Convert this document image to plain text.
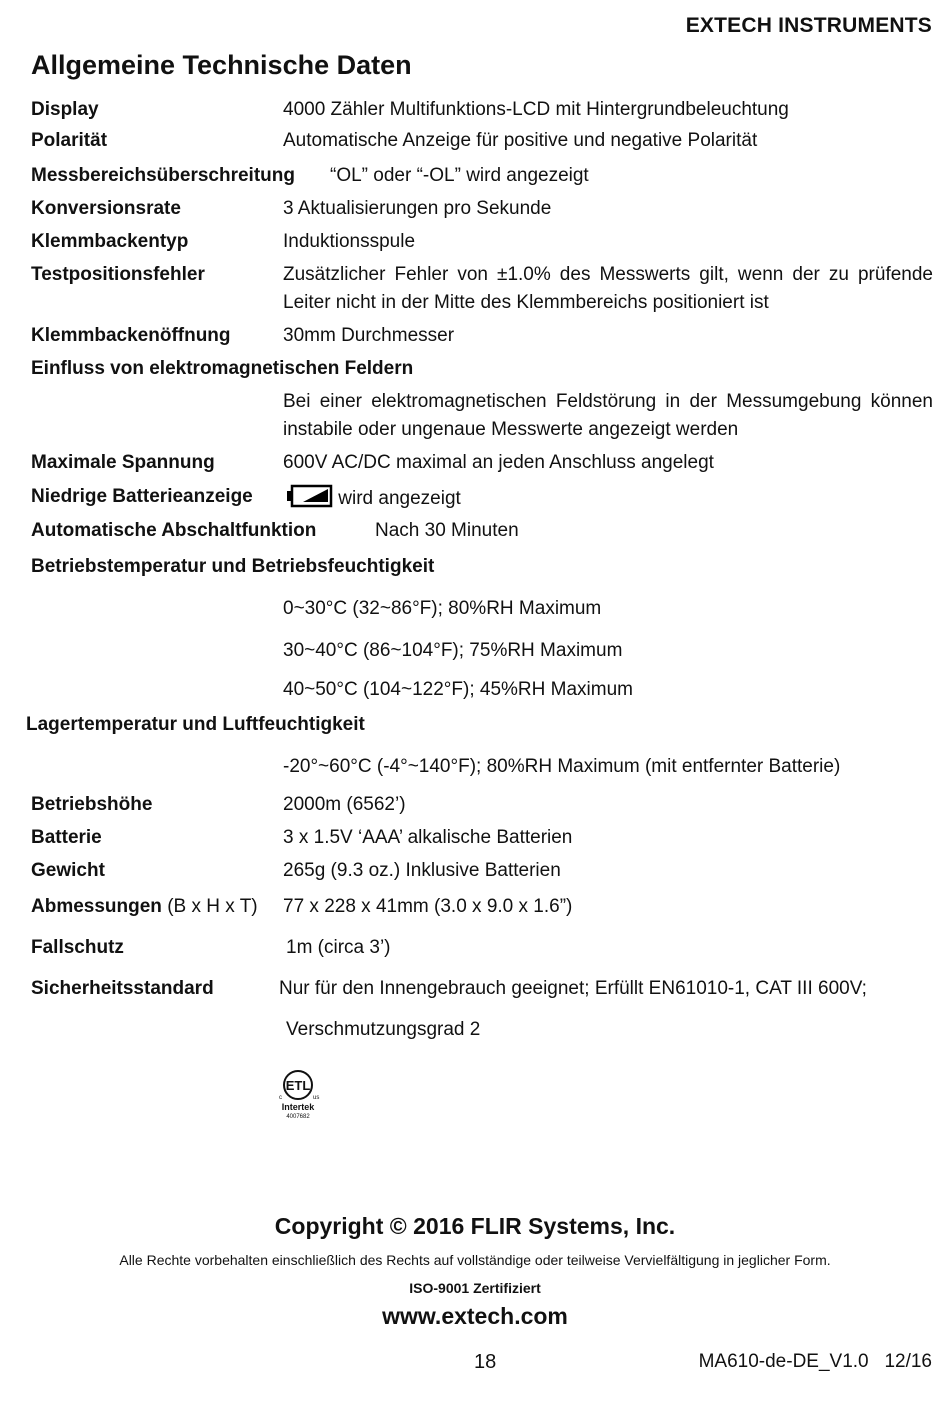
EXTECH INSTRUMENTS
Allgemeine Technische Daten
Display	4000 Zähler Multifunktions-LCD mit Hintergrundbeleuchtung
Polarität	Automatische Anzeige für positive und negative Polarität
Messbereichsüberschreitung “OL” oder “-OL” wird angezeigt
Konversionsrate	3 Aktualisierungen pro Sekunde
Klemmbackentyp	Induktionsspule
Testpositionsfehler	Zusätzlicher Fehler von ±1.0% des Messwerts gilt, wenn der zu prüfende Leiter nicht in der Mitte des Klemmbereichs positioniert ist
Klemmbackenöffnung	30mm Durchmesser
Einfluss von elektromagnetischen Feldern
Bei einer elektromagnetischen Feldstörung in der Messumgebung können instabile oder ungenaue Messwerte angezeigt werden
Maximale Spannung	600V AC/DC maximal an jeden Anschluss angelegt
Niedrige Batterieanzeige	wird angezeigt
Automatische Abschaltfunktion	Nach 30 Minuten
Betriebstemperatur und Betriebsfeuchtigkeit
0~30°C (32~86°F); 80%RH Maximum
30~40°C (86~104°F); 75%RH Maximum
40~50°C (104~122°F); 45%RH Maximum
Lagertemperatur und Luftfeuchtigkeit
-20°~60°C (-4°~140°F); 80%RH Maximum (mit entfernter Batterie)
Betriebshöhe	2000m (6562’)
Batterie	3 x 1.5V ‘AAA’ alkalische Batterien
Gewicht	265g (9.3 oz.) Inklusive Batterien
Abmessungen (B x H x T) 77 x 228 x 41mm (3.0 x 9.0 x 1.6”)
Fallschutz	1m (circa 3’)
Sicherheitsstandard	Nur für den Innengebrauch geeignet; Erfüllt EN61010-1, CAT III 600V;
Verschmutzungsgrad 2
ETL
c	us
Intertek
4007682
Copyright © 2016 FLIR Systems, Inc.
Alle Rechte vorbehalten einschließlich des Rechts auf vollständige oder teilweise Vervielfältigung in jeglicher Form.
ISO-9001 Zertifiziert
www.extech.com
18	MA610-de-DE_V1.0   12/16
